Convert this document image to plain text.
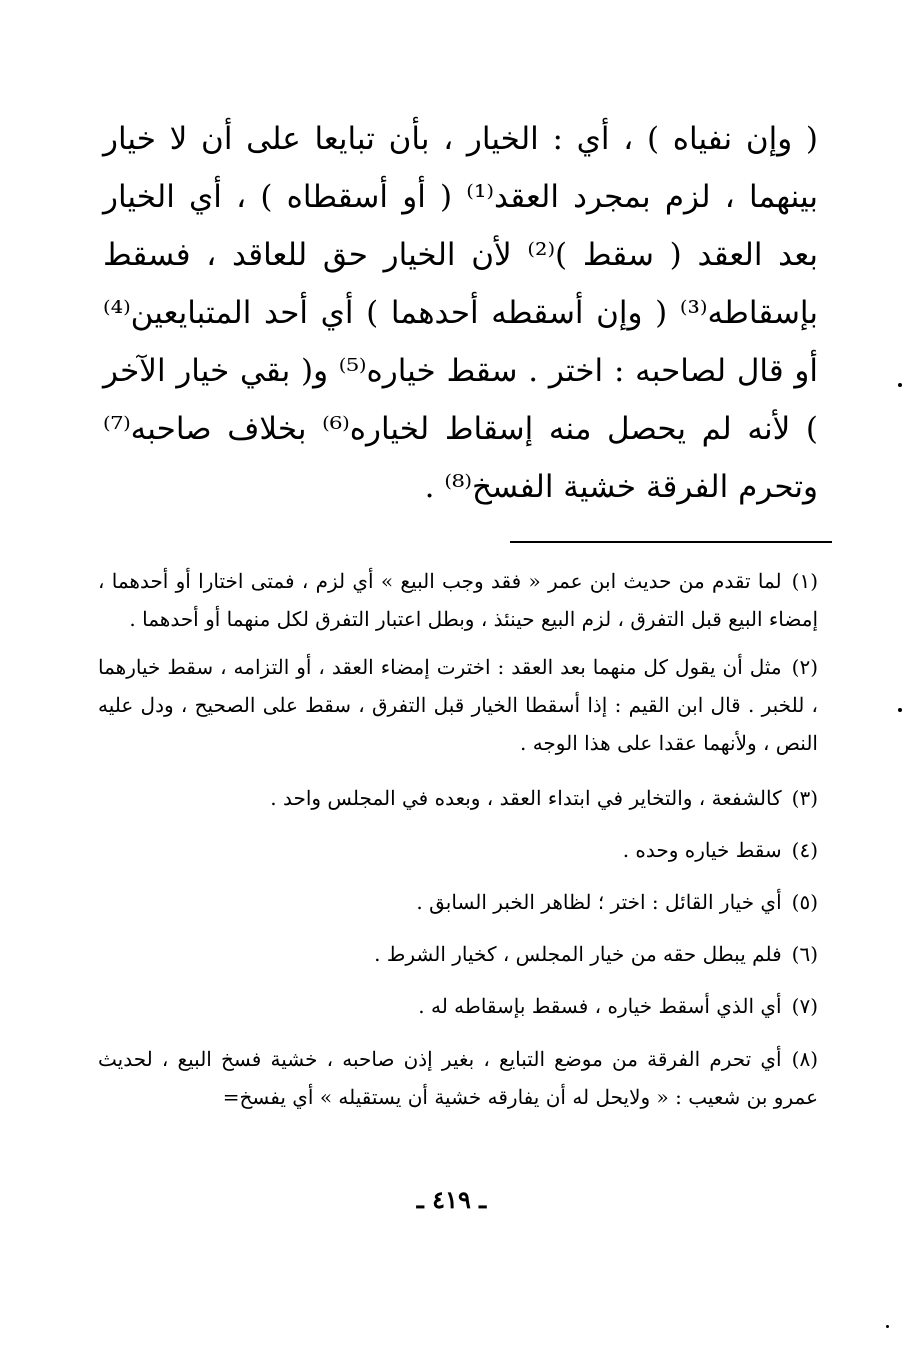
( وإن نفياه ) ، أي : الخيار ، بأن تبايعا على أن لا خيار بينهما ، لزم بمجرد العقد⁽¹⁾ ( أو أسقطاه ) ، أي الخيار بعد العقد ( سقط )⁽²⁾ لأن الخيار حق للعاقد ، فسقط بإسقاطه⁽³⁾ ( وإن أسقطه أحدهما ) أي أحد المتبايعين⁽⁴⁾ أو قال لصاحبه : اختر . سقط خياره⁽⁵⁾ و( بقي خيار الآخر ) لأنه لم يحصل منه إسقاط لخياره⁽⁶⁾ بخلاف صاحبه⁽⁷⁾ وتحرم الفرقة خشية الفسخ⁽⁸⁾ .

(١)لما تقدم من حديث ابن عمر « فقد وجب البيع » أي لزم ، فمتى اختارا أو أحدهما ، إمضاء البيع قبل التفرق ، لزم البيع حينئذ ، وبطل اعتبار التفرق لكل منهما أو أحدهما .

(٢)مثل أن يقول كل منهما بعد العقد : اخترت إمضاء العقد ، أو التزامه ، سقط خيارهما ، للخبر . قال ابن القيم : إذا أسقطا الخيار قبل التفرق ، سقط على الصحيح ، ودل عليه النص ، ولأنهما عقدا على هذا الوجه .

(٣)كالشفعة ، والتخاير في ابتداء العقد ، وبعده في المجلس واحد .

(٤)سقط خياره وحده .

(٥)أي خيار القائل : اختر ؛ لظاهر الخبر السابق .

(٦)فلم يبطل حقه من خيار المجلس ، كخيار الشرط .

(٧)أي الذي أسقط خياره ، فسقط بإسقاطه له .

(٨)أي تحرم الفرقة من موضع التبايع ، بغير إذن صاحبه ، خشية فسخ البيع ، لحديث عمرو بن شعيب : « ولايحل له أن يفارقه خشية أن يستقيله » أي يفسخ=

ـ ٤١٩ ـ
